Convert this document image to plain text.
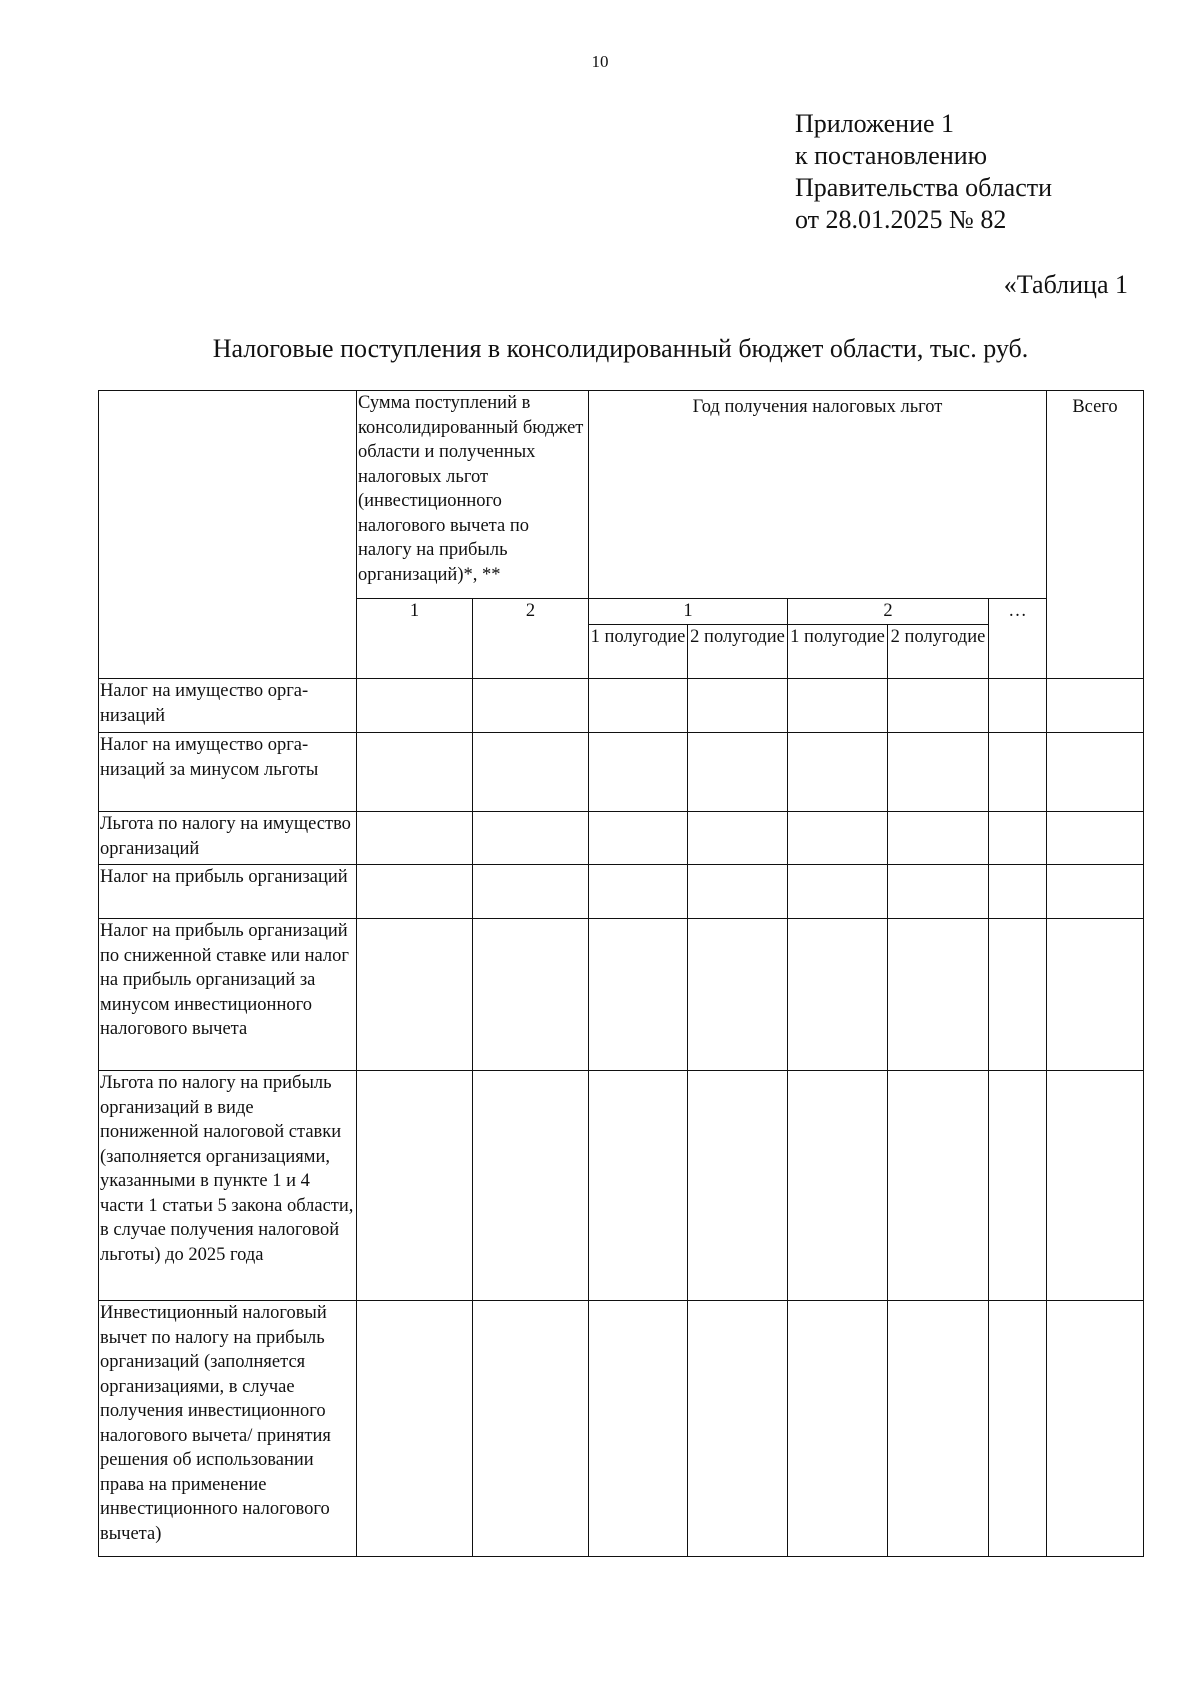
10
Приложение 1
к постановлению
Правительства области
от 28.01.2025 № 82
«Таблица 1
Налоговые поступления в консолидированный бюджет области, тыс. руб.
	Сумма поступлений в консолидированный бюджет области и полученных налоговых льгот (инвестиционного налогового вычета по налогу на прибыль организаций)*, **		Год получения налоговых льгот					Всего
	1	2	1		2		…	
			1 полугодие	2 полугодие	1 полугодие	2 полугодие		
Налог на имущество организаций								
Налог на имущество организаций за минусом льготы								
Льгота по налогу на имущество организаций								
Налог на прибыль организаций								
Налог на прибыль организаций по сниженной ставке или налог на прибыль организаций за минусом инвестиционного налогового вычета								
Льгота по налогу на прибыль организаций в виде пониженной налоговой ставки (заполняется организациями, указанными в пункте 1 и 4 части 1 статьи 5 закона области, в случае получения налоговой льготы) до 2025 года								
Инвестиционный налоговый вычет по налогу на прибыль организаций (заполняется организациями, в случае получения инвестиционного налогового вычета/ принятия решения об использовании права на применение инвестиционного налогового вычета)								
